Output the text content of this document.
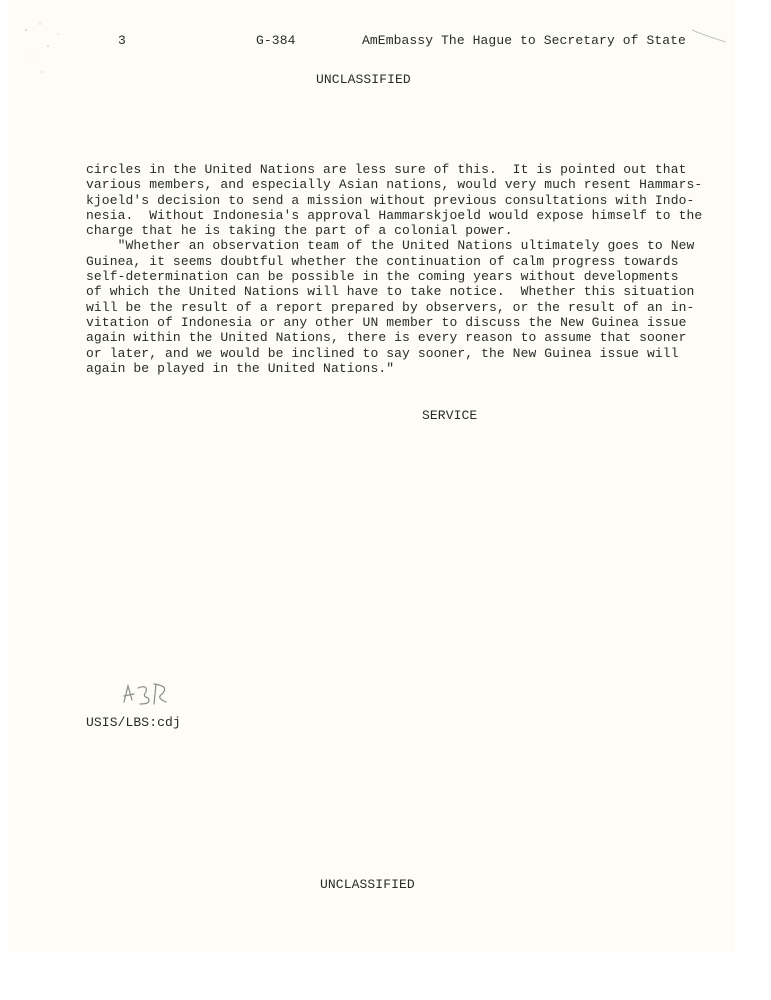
3	G-384	AmEmbassy The Hague to Secretary of State
UNCLASSIFIED
circles in the United Nations are less sure of this.  It is pointed out that
various members, and especially Asian nations, would very much resent Hammars-
kjoeld's decision to send a mission without previous consultations with Indo-
nesia.  Without Indonesia's approval Hammarskjoeld would expose himself to the
charge that he is taking the part of a colonial power.
"Whether an observation team of the United Nations ultimately goes to New
Guinea, it seems doubtful whether the continuation of calm progress towards
self-determination can be possible in the coming years without developments
of which the United Nations will have to take notice.  Whether this situation
will be the result of a report prepared by observers, or the result of an in-
vitation of Indonesia or any other UN member to discuss the New Guinea issue
again within the United Nations, there is every reason to assume that sooner
or later, and we would be inclined to say sooner, the New Guinea issue will
again be played in the United Nations."
SERVICE
USIS/LBS:cdj
UNCLASSIFIED
